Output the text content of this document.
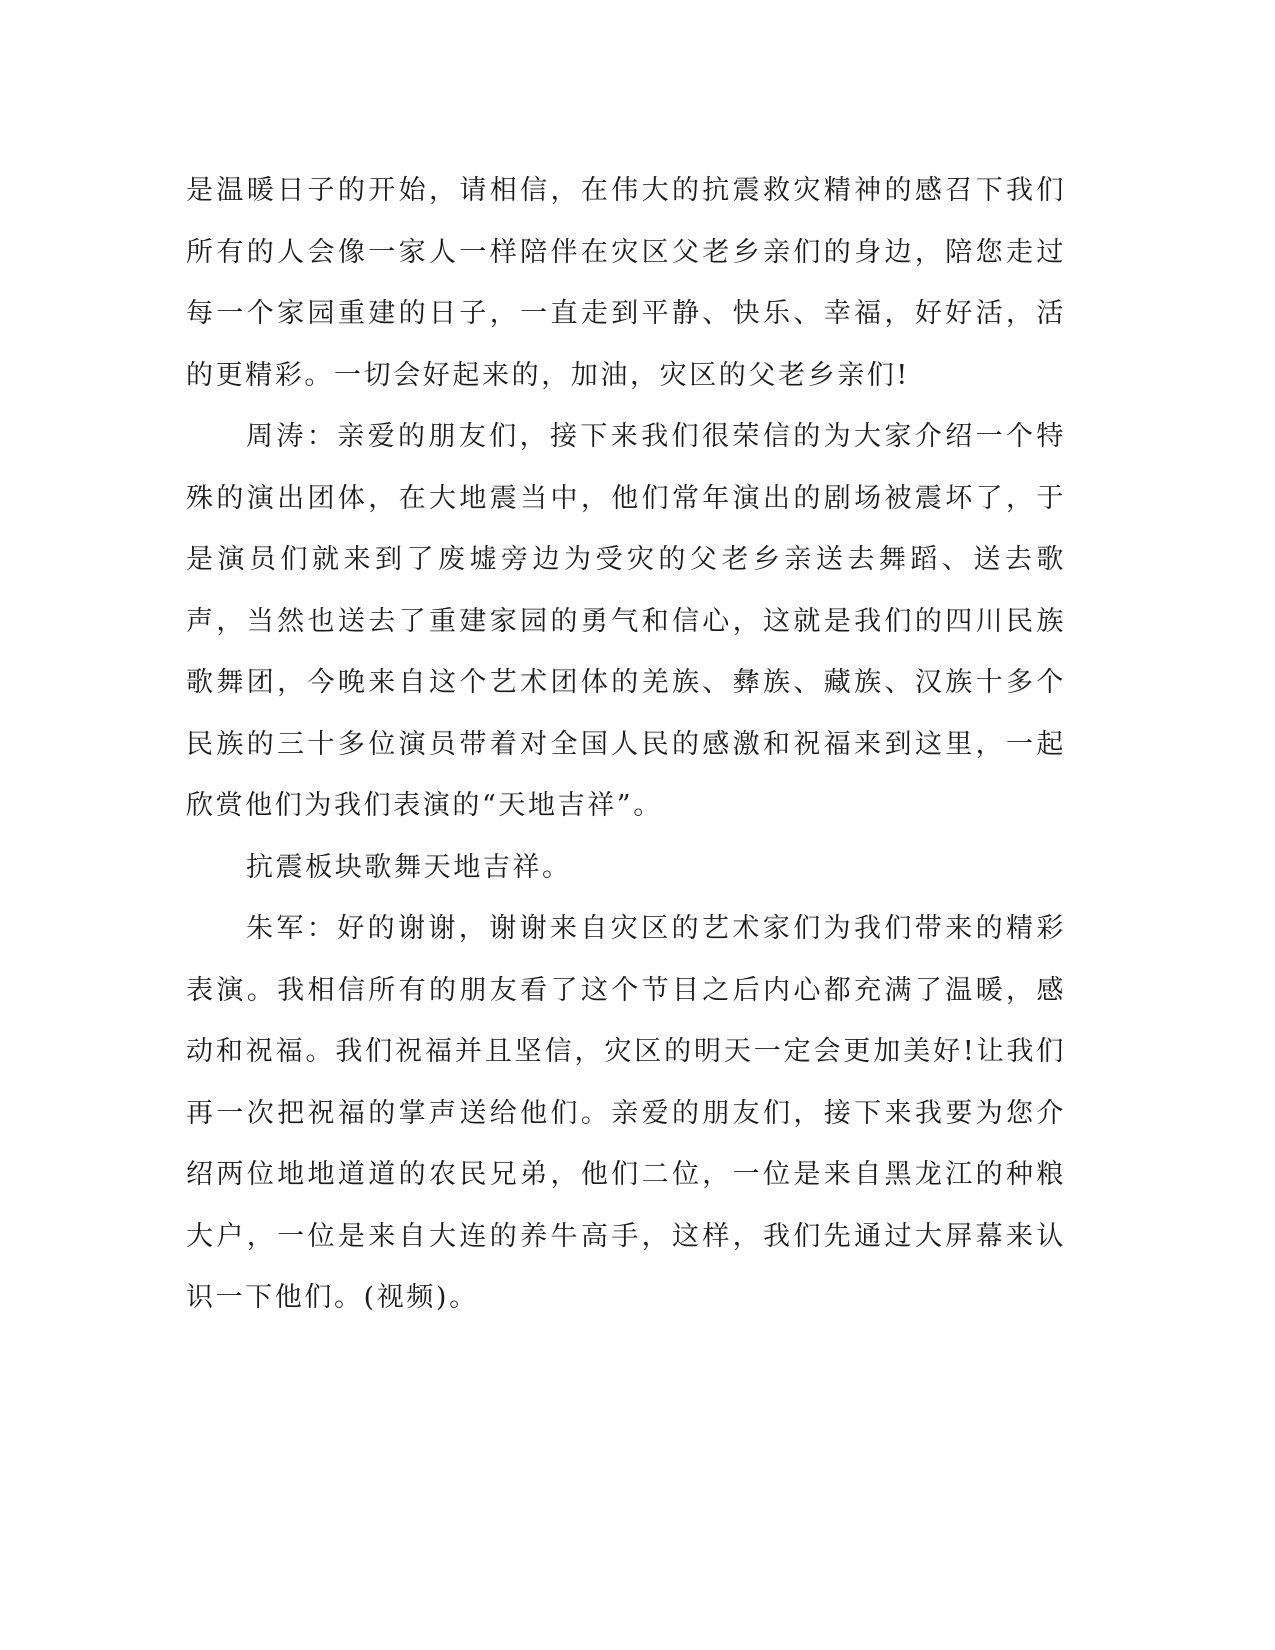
是温暖日子的开始，请相信，在伟大的抗震救灾精神的感召下我们所有的人会像一家人一样陪伴在灾区父老乡亲们的身边，陪您走过每一个家园重建的日子，一直走到平静、快乐、幸福，好好活，活的更精彩。一切会好起来的，加油，灾区的父老乡亲们!

周涛：亲爱的朋友们，接下来我们很荣信的为大家介绍一个特殊的演出团体，在大地震当中，他们常年演出的剧场被震坏了，于是演员们就来到了废墟旁边为受灾的父老乡亲送去舞蹈、送去歌声，当然也送去了重建家园的勇气和信心，这就是我们的四川民族歌舞团，今晚来自这个艺术团体的羌族、彝族、藏族、汉族十多个民族的三十多位演员带着对全国人民的感激和祝福来到这里，一起欣赏他们为我们表演的“天地吉祥”。

抗震板块歌舞天地吉祥。

朱军：好的谢谢，谢谢来自灾区的艺术家们为我们带来的精彩表演。我相信所有的朋友看了这个节目之后内心都充满了温暖，感动和祝福。我们祝福并且坚信，灾区的明天一定会更加美好!让我们再一次把祝福的掌声送给他们。亲爱的朋友们，接下来我要为您介绍两位地地道道的农民兄弟，他们二位，一位是来自黑龙江的种粮大户，一位是来自大连的养牛高手，这样，我们先通过大屏幕来认识一下他们。(视频)。
